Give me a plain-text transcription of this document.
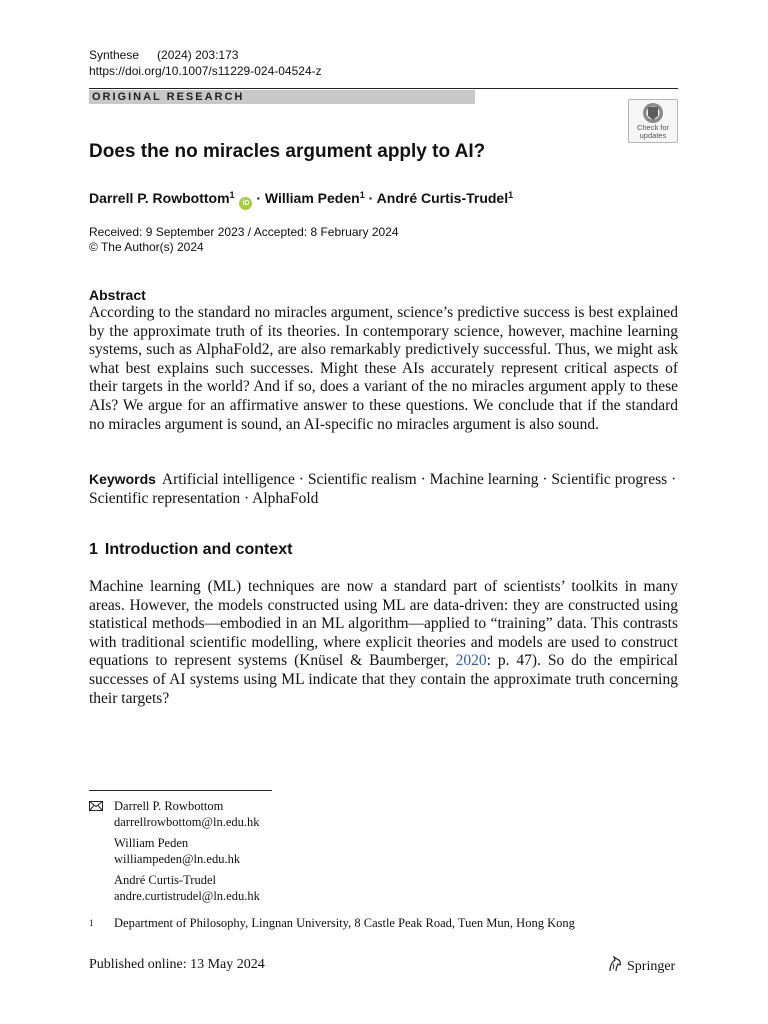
Synthese (2024) 203:173
https://doi.org/10.1007/s11229-024-04524-z
ORIGINAL RESEARCH
Check for
updates
Does the no miracles argument apply to AI?
Darrell P. Rowbottom$^1$ iD · William Peden$^1$ · André Curtis-Trudel$^1$
Received: 9 September 2023 / Accepted: 8 February 2024
© The Author(s) 2024
Abstract

According to the standard no miracles argument, science’s predictive success is best explained by the approximate truth of its theories. In contemporary science, however, machine learning systems, such as AlphaFold2, are also remarkably predictively successful. Thus, we might ask what best explains such successes. Might these AIs accurately represent critical aspects of their targets in the world? And if so, does a variant of the no miracles argument apply to these AIs? We argue for an affirmative answer to these questions. We conclude that if the standard no miracles argument is sound, an AI-specific no miracles argument is also sound.

Keywords Artificial intelligence · Scientific realism · Machine learning · Scientific progress · Scientific representation · AlphaFold

1 Introduction and context

Machine learning (ML) techniques are now a standard part of scientists’ toolkits in many areas. However, the models constructed using ML are data-driven: they are constructed using statistical methods—embodied in an ML algorithm—applied to “training” data. This contrasts with traditional scientific modelling, where explicit theories and models are used to construct equations to represent systems (Knüsel & Baumberger, 2020: p. 47). So do the empirical successes of AI systems using ML indicate that they contain the approximate truth concerning their targets?

Darrell P. Rowbottom
darrellrowbottom@ln.edu.hk
William Peden
williampeden@ln.edu.hk
André Curtis-Trudel
andre.curtistrudel@ln.edu.hk
$^1$ Department of Philosophy, Lingnan University, 8 Castle Peak Road, Tuen Mun, Hong Kong
Published online: 13 May 2024	Springer
